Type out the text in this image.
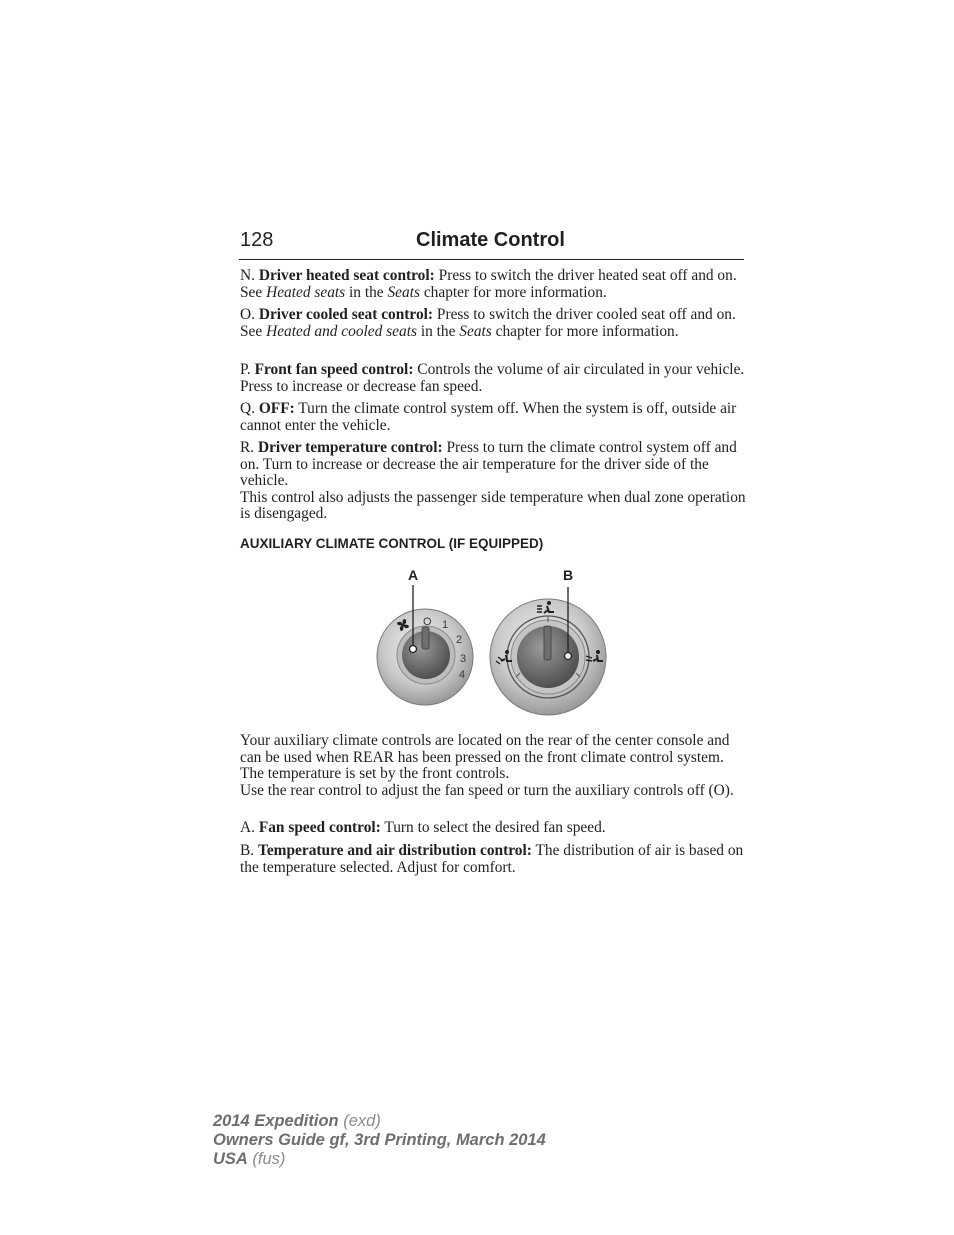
128	Climate Control

N. Driver heated seat control: Press to switch the driver heated seat off and on. See Heated seats in the Seats chapter for more information.

O. Driver cooled seat control: Press to switch the driver cooled seat off and on. See Heated and cooled seats in the Seats chapter for more information.

P. Front fan speed control: Controls the volume of air circulated in your vehicle. Press to increase or decrease fan speed.

Q. OFF: Turn the climate control system off. When the system is off, outside air cannot enter the vehicle.

R. Driver temperature control: Press to turn the climate control system off and on. Turn to increase or decrease the air temperature for the driver side of the vehicle.

This control also adjusts the passenger side temperature when dual zone operation is disengaged.

AUXILIARY CLIMATE CONTROL (IF EQUIPPED)
O 1
2
3
4
A	B

Your auxiliary climate controls are located on the rear of the center console and can be used when REAR has been pressed on the front climate control system. The temperature is set by the front controls.

Use the rear control to adjust the fan speed or turn the auxiliary controls off (O).

A. Fan speed control: Turn to select the desired fan speed.

B. Temperature and air distribution control: The distribution of air is based on the temperature selected. Adjust for comfort.

2014 Expedition (exd)
Owners Guide gf, 3rd Printing, March 2014
USA (fus)
